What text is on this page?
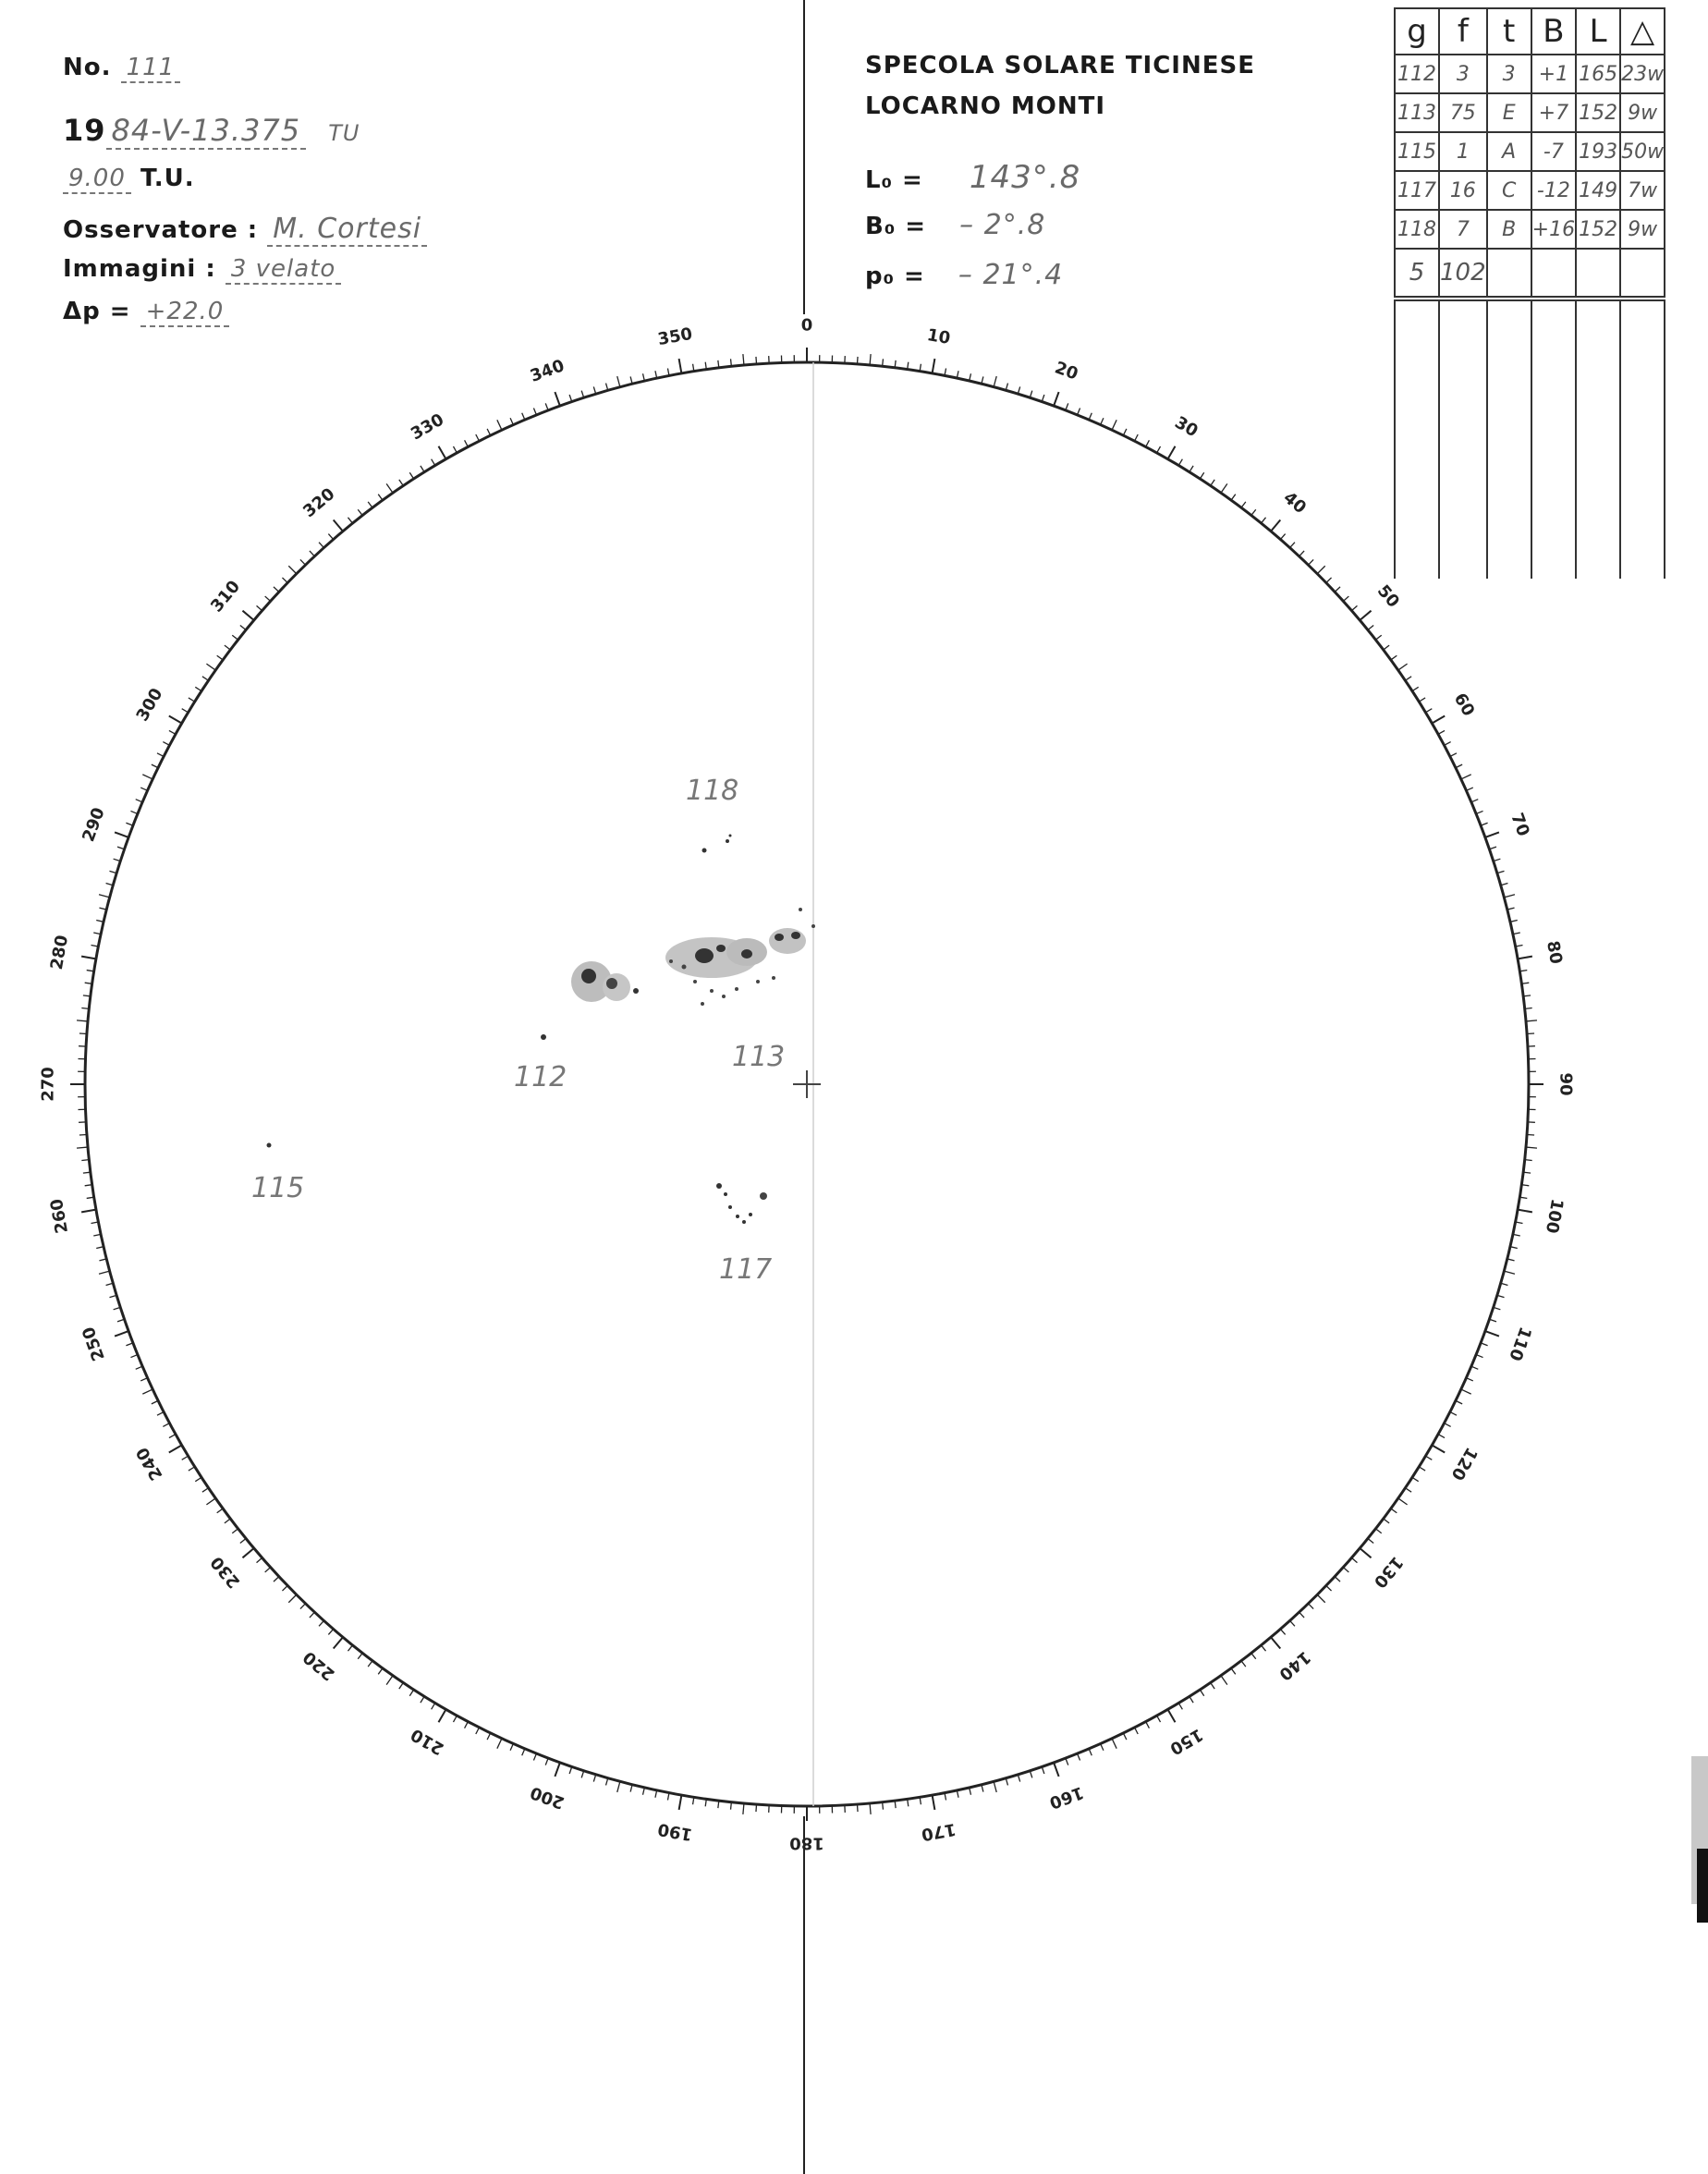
No. 111
19 84-V-13.375 TU
9.00 T.U.
Osservatore : M. Cortesi
Immagini : 3 velato
Δp = +22.0
SPECOLA SOLARE TICINESE
LOCARNO MONTI
L₀ = 143°.8
B₀ = – 2°.8
p₀ = – 21°.4
g	f	t	B	L	△
112	3	3	+1	165	23w
113	75	E	+7	152	9w
115	1	A	-7	193	50w
117	16	C	-12	149	7w
118	7	B	+16	152	9w
5	102				

0	10
20
30
40
50
60
70
80
90
100
110
120
130
140
150
160
170
180
190
200
210
220
230
240
250
260
270
280
290
300
310
320
330
340
350
118
113
112
115
117
